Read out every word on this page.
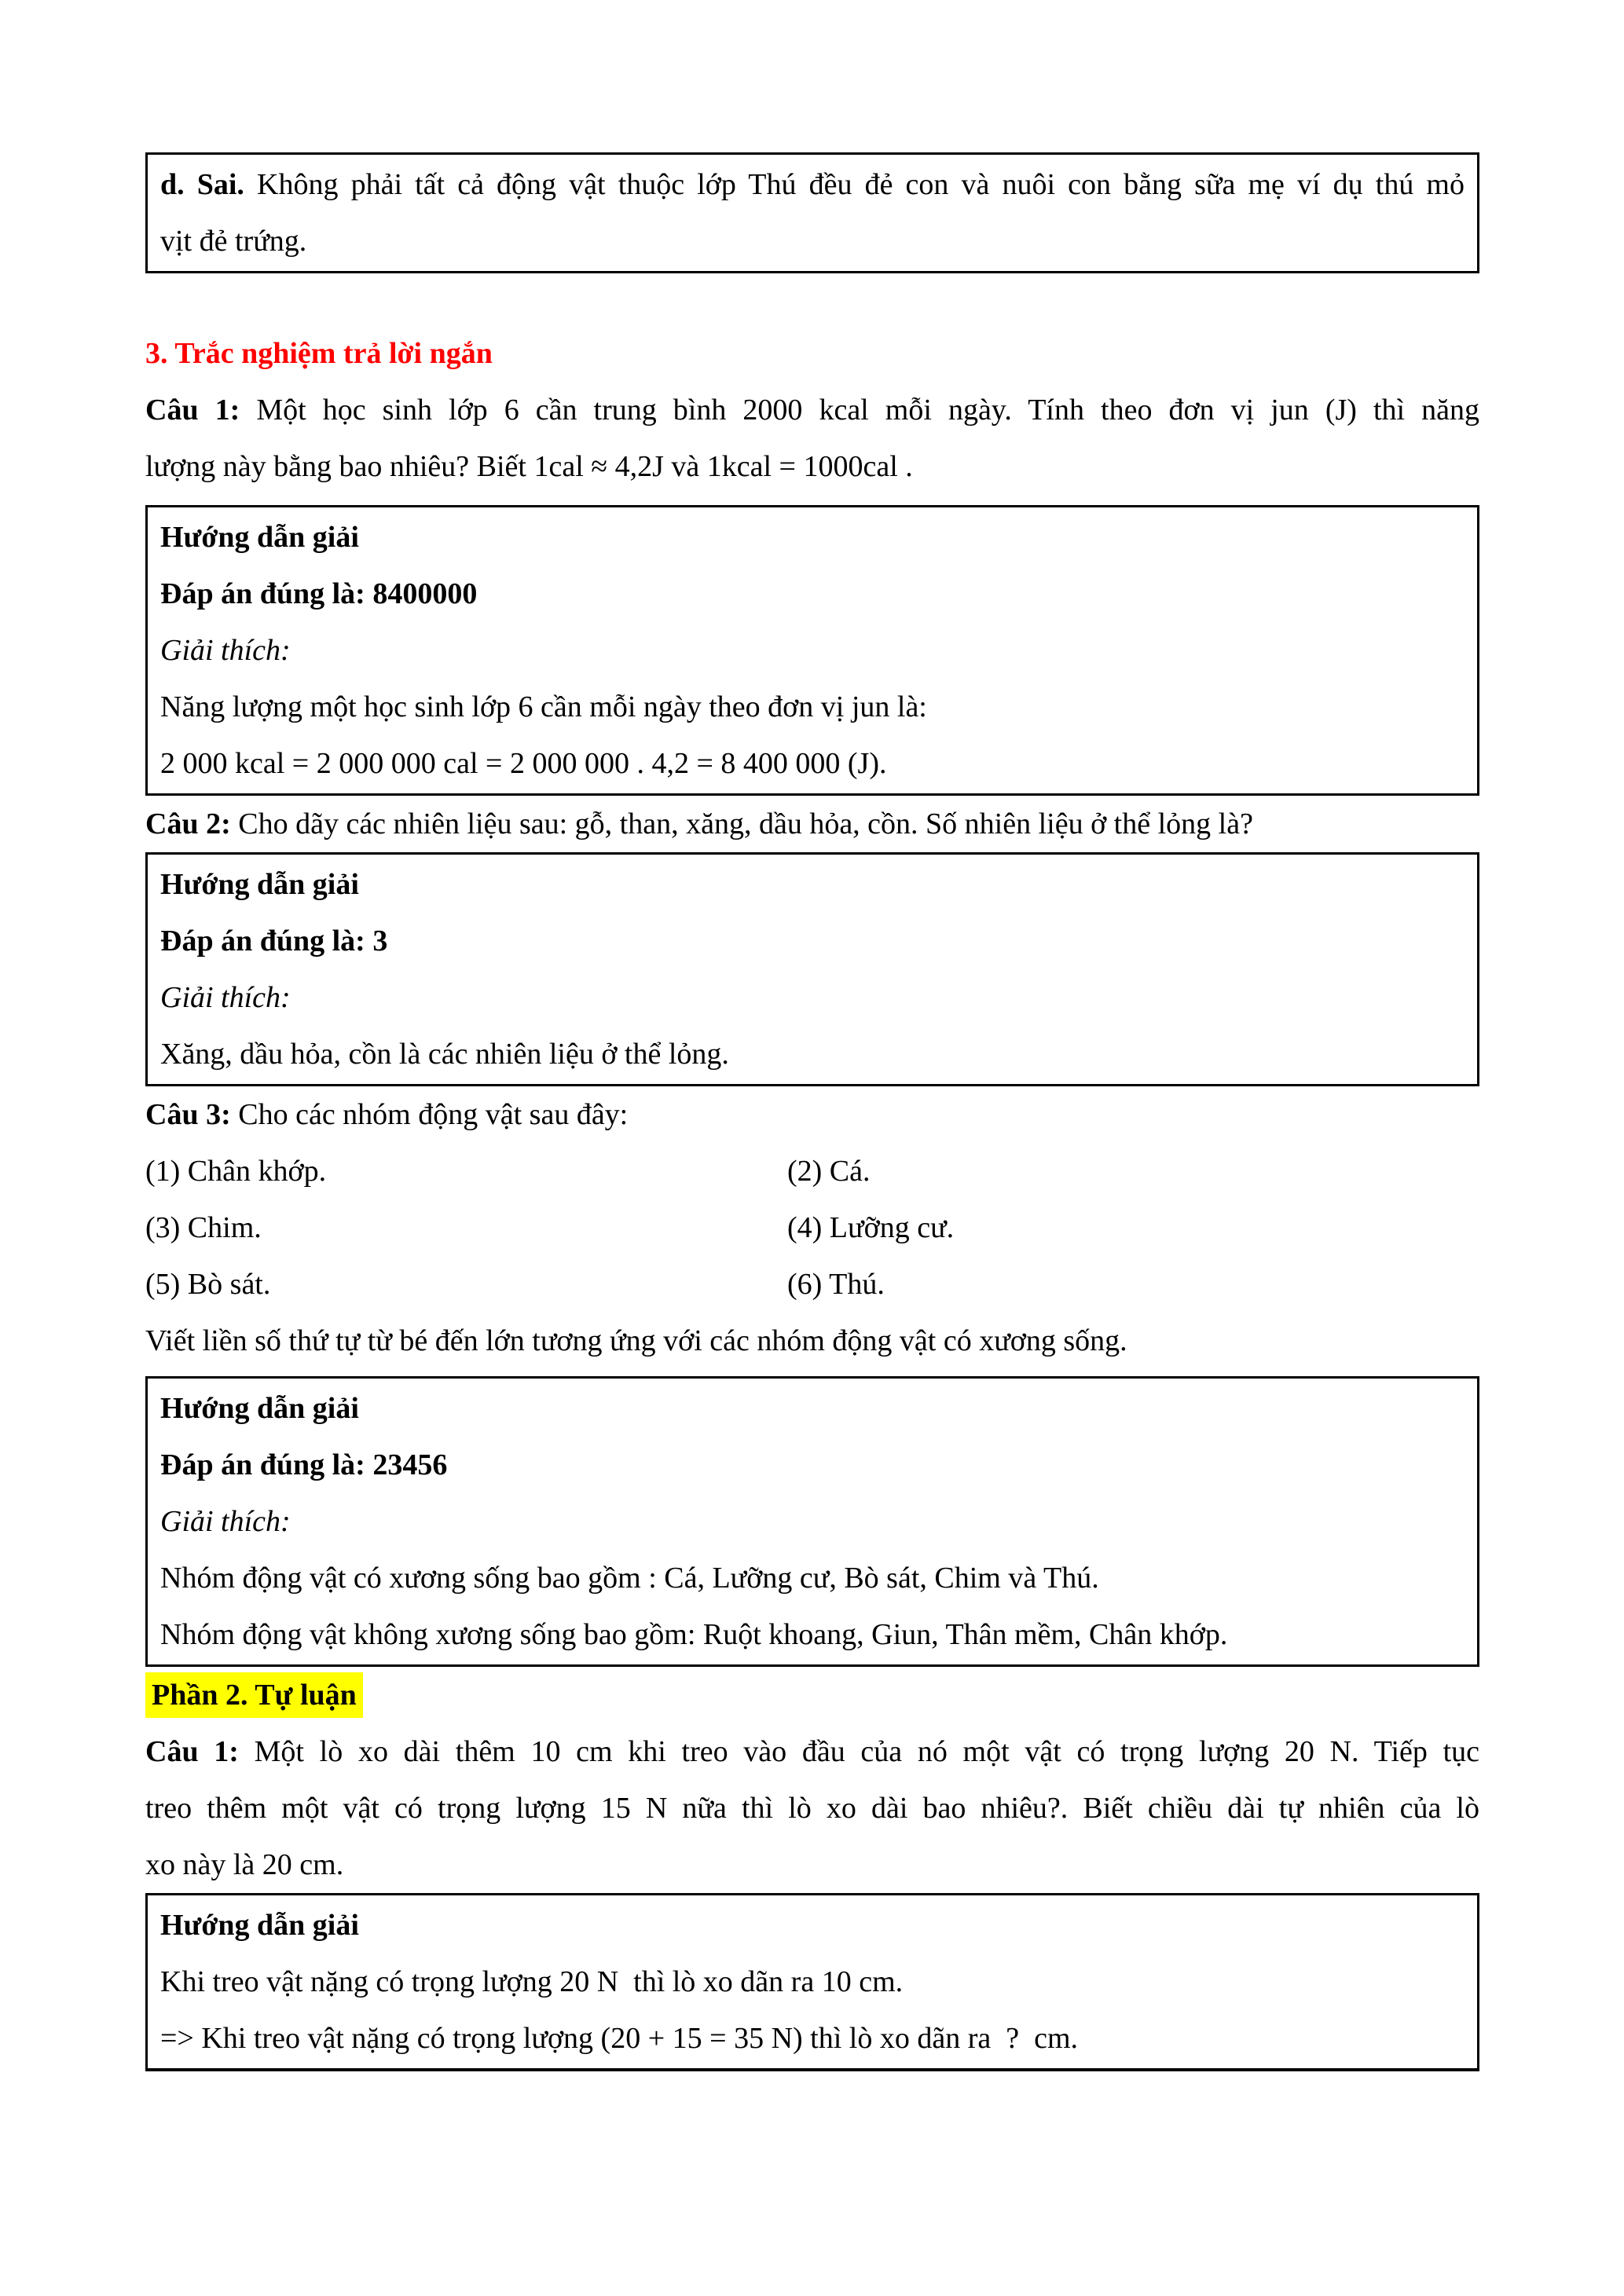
d. Sai. Không phải tất cả động vật thuộc lớp Thú đều đẻ con và nuôi con bằng sữa mẹ ví dụ thú mỏ
vịt đẻ trứng.
3. Trắc nghiệm trả lời ngắn
Câu 1: Một học sinh lớp 6 cần trung bình 2000 kcal mỗi ngày. Tính theo đơn vị jun (J) thì năng
lượng này bằng bao nhiêu? Biết 1cal ≈ 4,2J và 1kcal = 1000cal .
Hướng dẫn giải
Đáp án đúng là: 8400000
Giải thích:
Năng lượng một học sinh lớp 6 cần mỗi ngày theo đơn vị jun là:
2 000 kcal = 2 000 000 cal = 2 000 000 . 4,2 = 8 400 000 (J).
Câu 2: Cho dãy các nhiên liệu sau: gỗ, than, xăng, dầu hỏa, cồn. Số nhiên liệu ở thể lỏng là?
Hướng dẫn giải
Đáp án đúng là: 3
Giải thích:
Xăng, dầu hỏa, cồn là các nhiên liệu ở thể lỏng.
Câu 3: Cho các nhóm động vật sau đây:
(1) Chân khớp.	(2) Cá.
(3) Chim.	(4) Lưỡng cư.
(5) Bò sát.	(6) Thú.
Viết liền số thứ tự từ bé đến lớn tương ứng với các nhóm động vật có xương sống.
Hướng dẫn giải
Đáp án đúng là: 23456
Giải thích:
Nhóm động vật có xương sống bao gồm : Cá, Lưỡng cư, Bò sát, Chim và Thú.
Nhóm động vật không xương sống bao gồm: Ruột khoang, Giun, Thân mềm, Chân khớp.
Phần 2. Tự luận
Câu 1: Một lò xo dài thêm 10 cm khi treo vào đầu của nó một vật có trọng lượng 20 N. Tiếp tục
treo thêm một vật có trọng lượng 15 N nữa thì lò xo dài bao nhiêu?. Biết chiều dài tự nhiên của lò
xo này là 20 cm.
Hướng dẫn giải
Khi treo vật nặng có trọng lượng 20 N  thì lò xo dãn ra 10 cm.
=> Khi treo vật nặng có trọng lượng (20 + 15 = 35 N) thì lò xo dãn ra  ?  cm.
